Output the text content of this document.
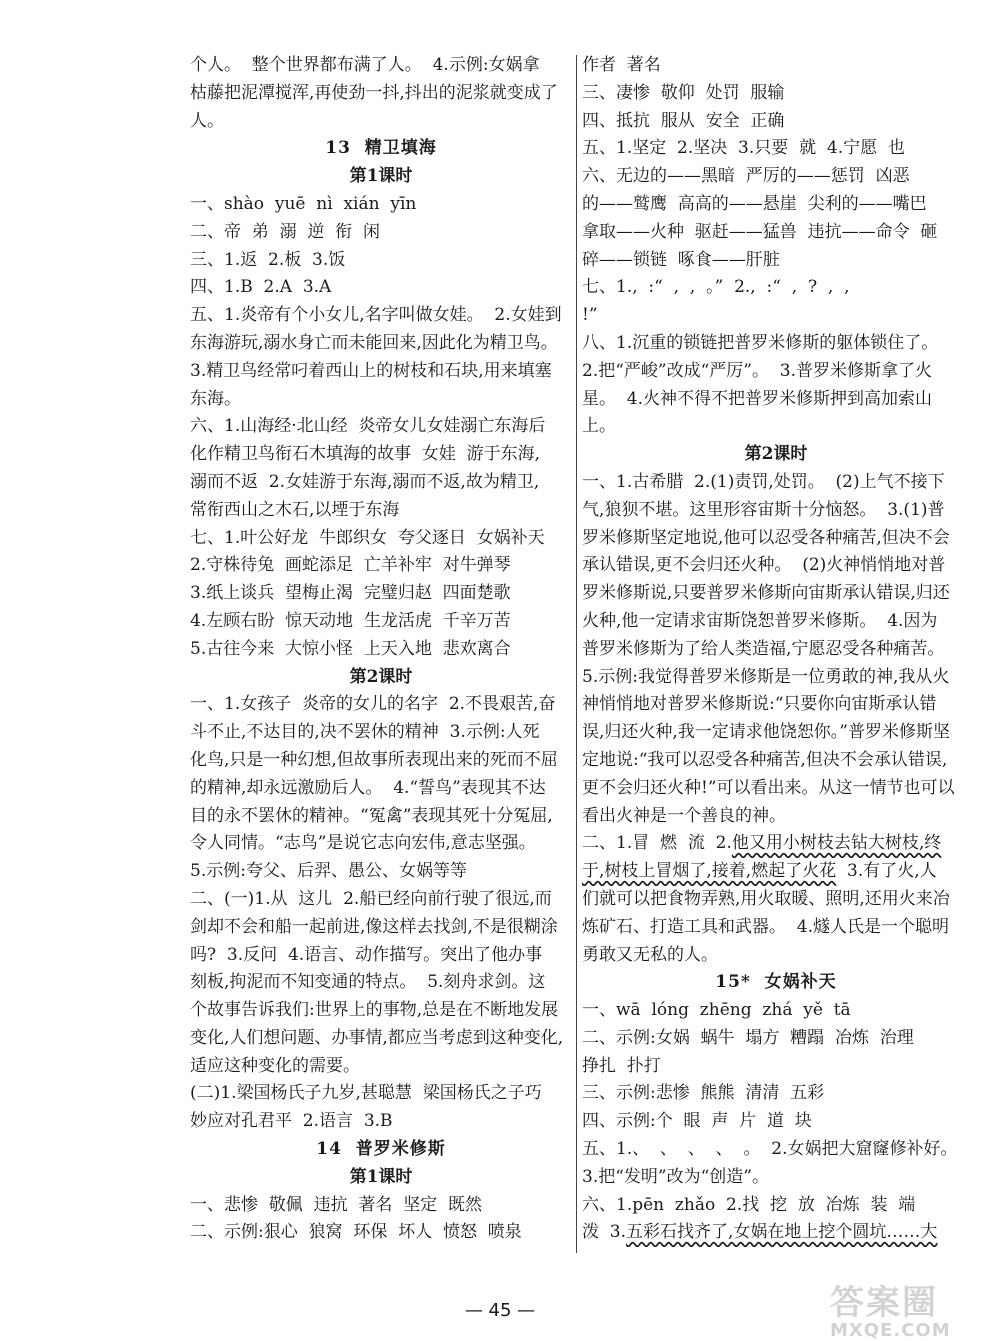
个人。  整个世界都布满了人。  4.示例:女娲拿
枯藤把泥潭搅浑,再使劲一抖,抖出的泥浆就变成了
人。
13  精卫填海
第1课时
一、shào  yuē  nì  xián  yīn
二、帝  弟  溺  逆  衔  闲
三、1.返  2.板  3.饭
四、1.B  2.A  3.A
五、1.炎帝有个小女儿,名字叫做女娃。  2.女娃到
东海游玩,溺水身亡而未能回来,因此化为精卫鸟。
3.精卫鸟经常叼着西山上的树枝和石块,用来填塞
东海。
六、1.山海经·北山经  炎帝女儿女娃溺亡东海后
化作精卫鸟衔石木填海的故事  女娃  游于东海,
溺而不返  2.女娃游于东海,溺而不返,故为精卫,
常衔西山之木石,以堙于东海
七、1.叶公好龙  牛郎织女  夸父逐日  女娲补天
2.守株待兔  画蛇添足  亡羊补牢  对牛弹琴
3.纸上谈兵  望梅止渴  完璧归赵  四面楚歌
4.左顾右盼  惊天动地  生龙活虎  千辛万苦
5.古往今来  大惊小怪  上天入地  悲欢离合
第2课时
一、1.女孩子  炎帝的女儿的名字  2.不畏艰苦,奋
斗不止,不达目的,决不罢休的精神  3.示例:人死
化鸟,只是一种幻想,但故事所表现出来的死而不屈
的精神,却永远激励后人。  4.“誓鸟”表现其不达
目的永不罢休的精神。“冤禽”表现其死十分冤屈,
令人同情。“志鸟”是说它志向宏伟,意志坚强。
5.示例:夸父、后羿、愚公、女娲等等
二、(一)1.从  这儿  2.船已经向前行驶了很远,而
剑却不会和船一起前进,像这样去找剑,不是很糊涂
吗?  3.反问  4.语言、动作描写。突出了他办事
刻板,拘泥而不知变通的特点。  5.刻舟求剑。这
个故事告诉我们:世界上的事物,总是在不断地发展
变化,人们想问题、办事情,都应当考虑到这种变化,
适应这种变化的需要。
(二)1.梁国杨氏子九岁,甚聪慧  梁国杨氏之子巧
妙应对孔君平  2.语言  3.B
14  普罗米修斯
第1课时
一、悲惨  敬佩  违抗  著名  坚定  既然
二、示例:狠心  狼窝  环保  坏人  愤怒  喷泉
作者  著名
三、凄惨  敬仰  处罚  服输
四、抵抗  服从  安全  正确
五、1.坚定  2.坚决  3.只要  就  4.宁愿  也
六、无边的——黑暗  严厉的——惩罚  凶恶
的——鹫鹰  高高的——悬崖  尖利的——嘴巴
拿取——火种  驱赶——猛兽  违抗——命令  砸
碎——锁链  啄食——肝脏
七、1.,  :“  ,  ,  。”  2.,  :“  ,  ?  ,  ,
!”
八、1.沉重的锁链把普罗米修斯的躯体锁住了。
2.把“严峻”改成“严厉”。  3.普罗米修斯拿了火
星。  4.火神不得不把普罗米修斯押到高加索山
上。
第2课时
一、1.古希腊  2.(1)责罚,处罚。  (2)上气不接下
气,狼狈不堪。这里形容宙斯十分恼怒。  3.(1)普
罗米修斯坚定地说,他可以忍受各种痛苦,但决不会
承认错误,更不会归还火种。  (2)火神悄悄地对普
罗米修斯说,只要普罗米修斯向宙斯承认错误,归还
火种,他一定请求宙斯饶恕普罗米修斯。  4.因为
普罗米修斯为了给人类造福,宁愿忍受各种痛苦。
5.示例:我觉得普罗米修斯是一位勇敢的神,我从火
神悄悄地对普罗米修斯说:“只要你向宙斯承认错
误,归还火种,我一定请求他饶恕你。”普罗米修斯坚
定地说:“我可以忍受各种痛苦,但决不会承认错误,
更不会归还火种!”可以看出来。从这一情节也可以
看出火神是一个善良的神。
二、1.冒  燃  流  2.他又用小树枝去钻大树枝,终
于,树枝上冒烟了,接着,燃起了火花  3.有了火,人
们就可以把食物弄熟,用火取暖、照明,还用火来冶
炼矿石、打造工具和武器。  4.燧人氏是一个聪明
勇敢又无私的人。
15*  女娲补天
一、wā  lóng  zhēng  zhá  yě  tā
二、示例:女娲  蜗牛  塌方  糟蹋  冶炼  治理
挣扎  扑打
三、示例:悲惨  熊熊  清清  五彩
四、示例:个  眼  声  片  道  块
五、1.、  、  、  、  。  2.女娲把大窟窿修补好。
3.把“发明”改为“创造”。
六、1.pēn  zhǎo  2.找  挖  放  冶炼  装  端
泼  3.五彩石找齐了,女娲在地上挖个圆坑……大
— 45 —	答案圈
MXQE.COM
